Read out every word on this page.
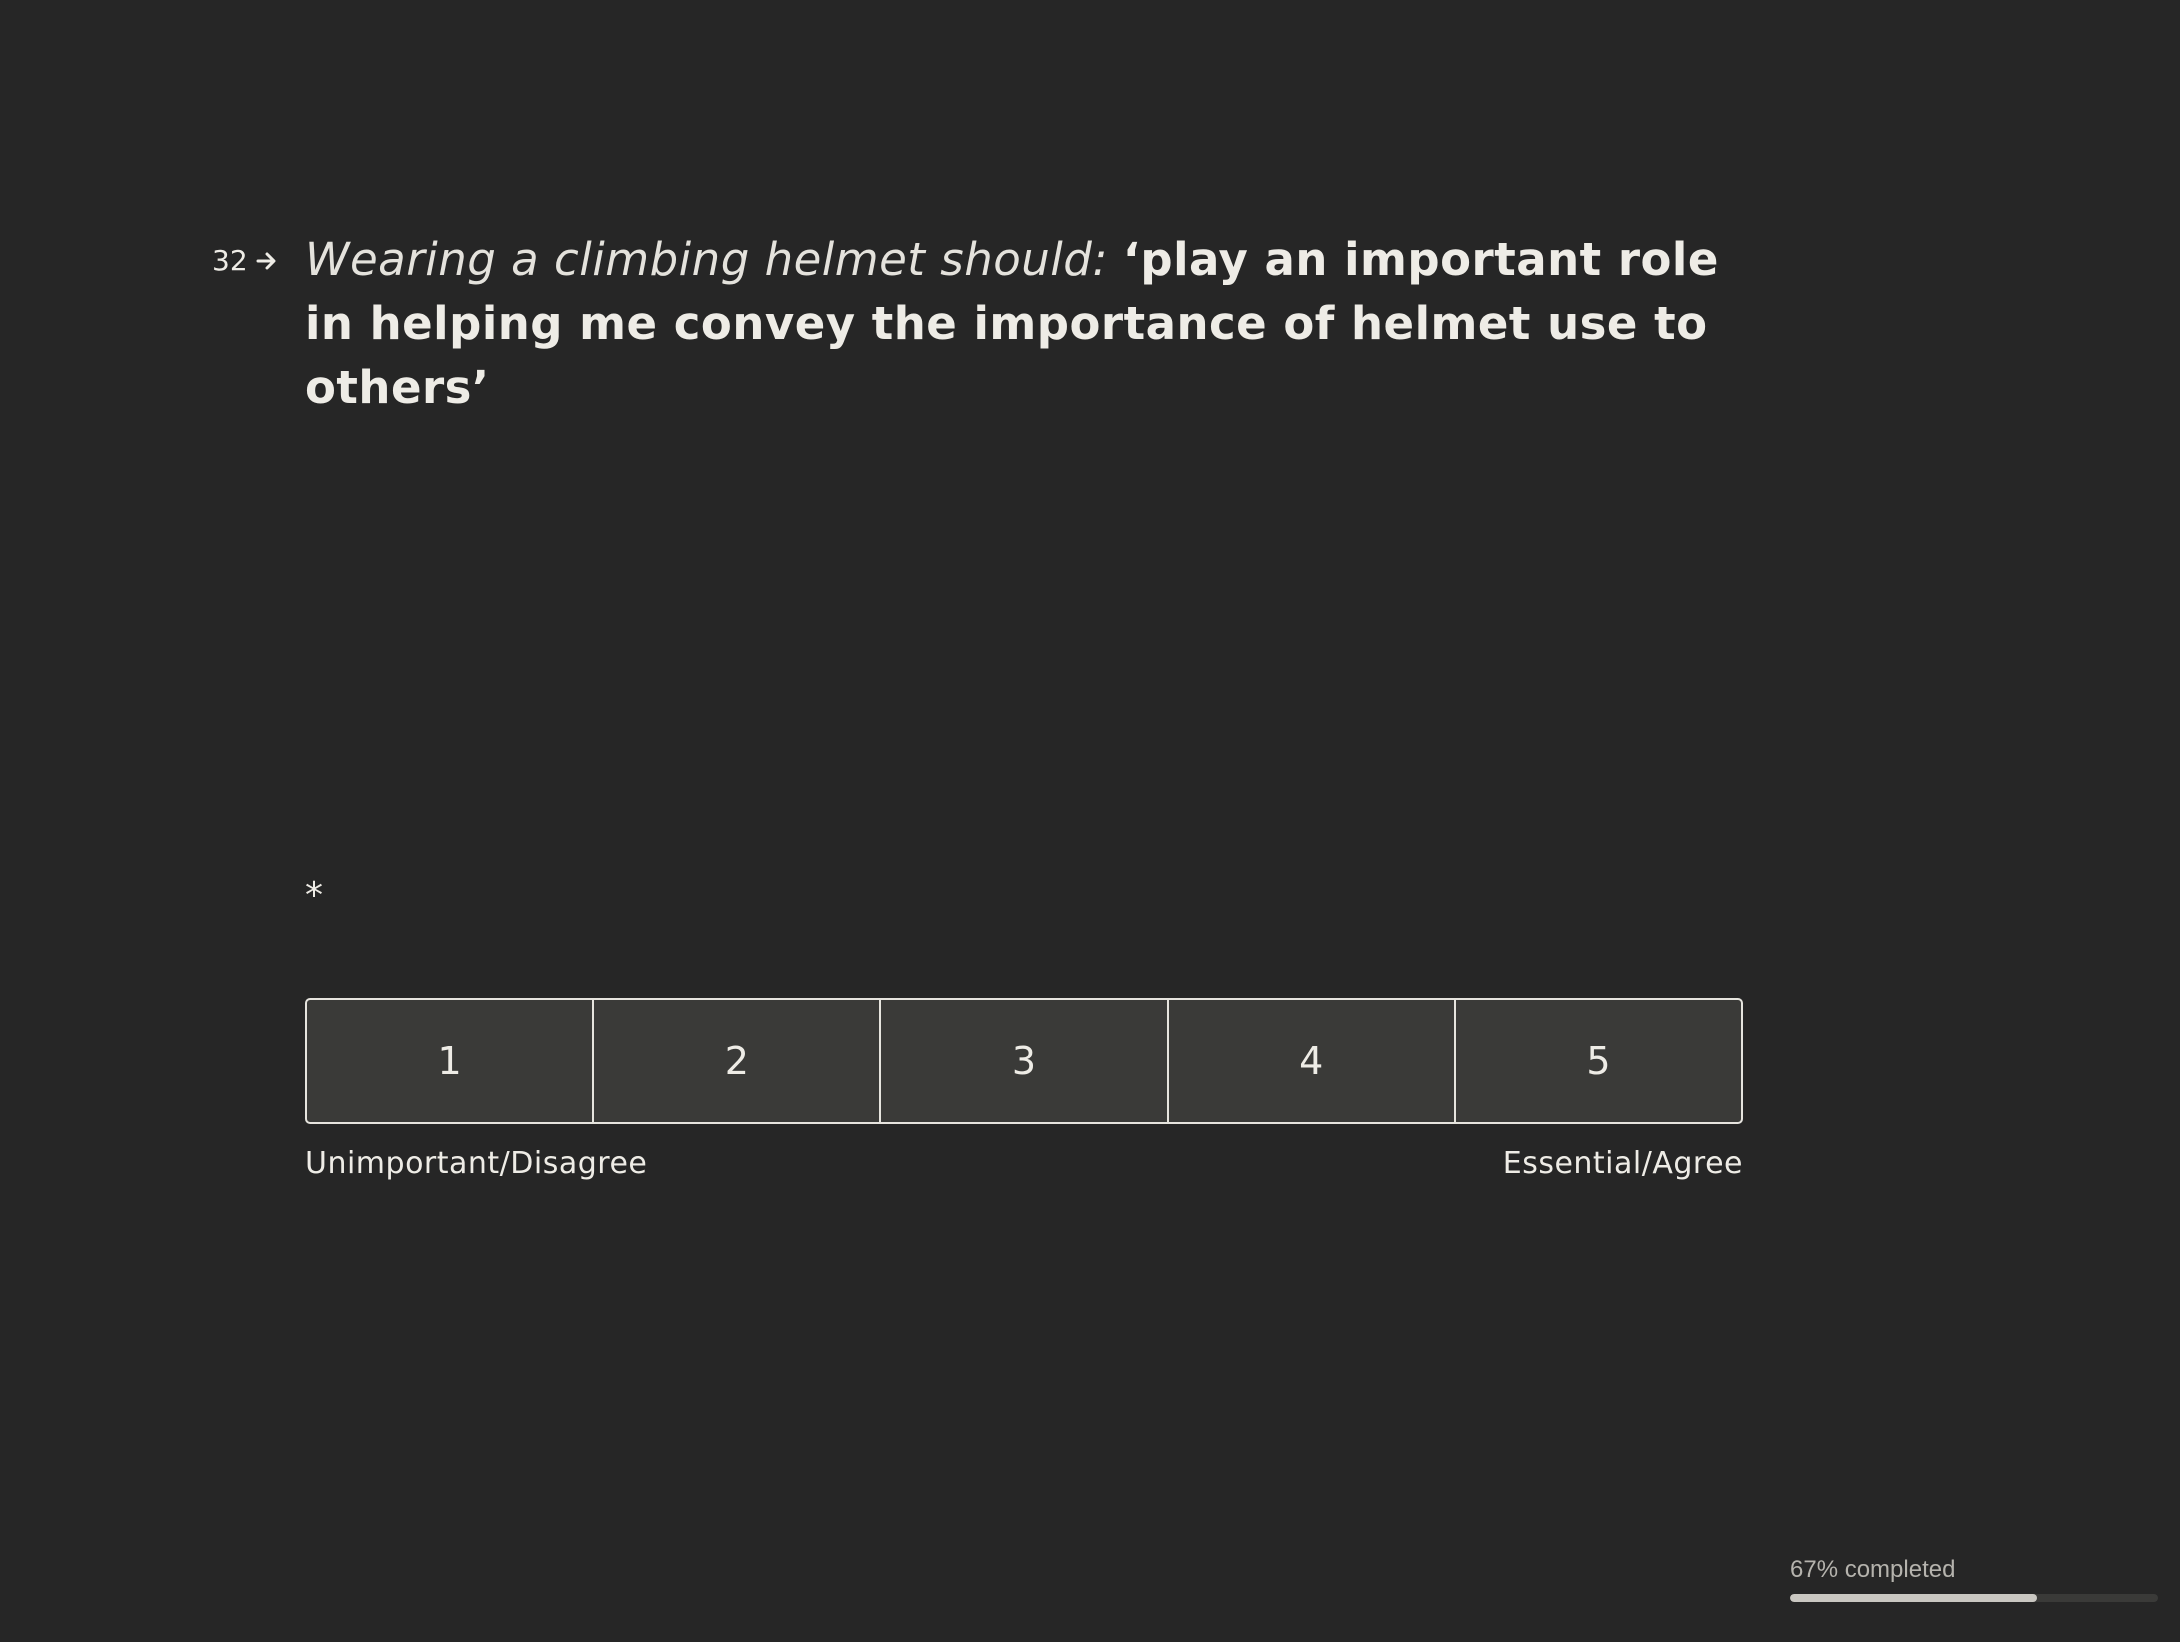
32 Wearing a climbing helmet should: ‘play an important role in helping me convey the importance of helmet use to others’
*
1	2	3	4	5
Unimportant/Disagree	Essential/Agree
67% completed
